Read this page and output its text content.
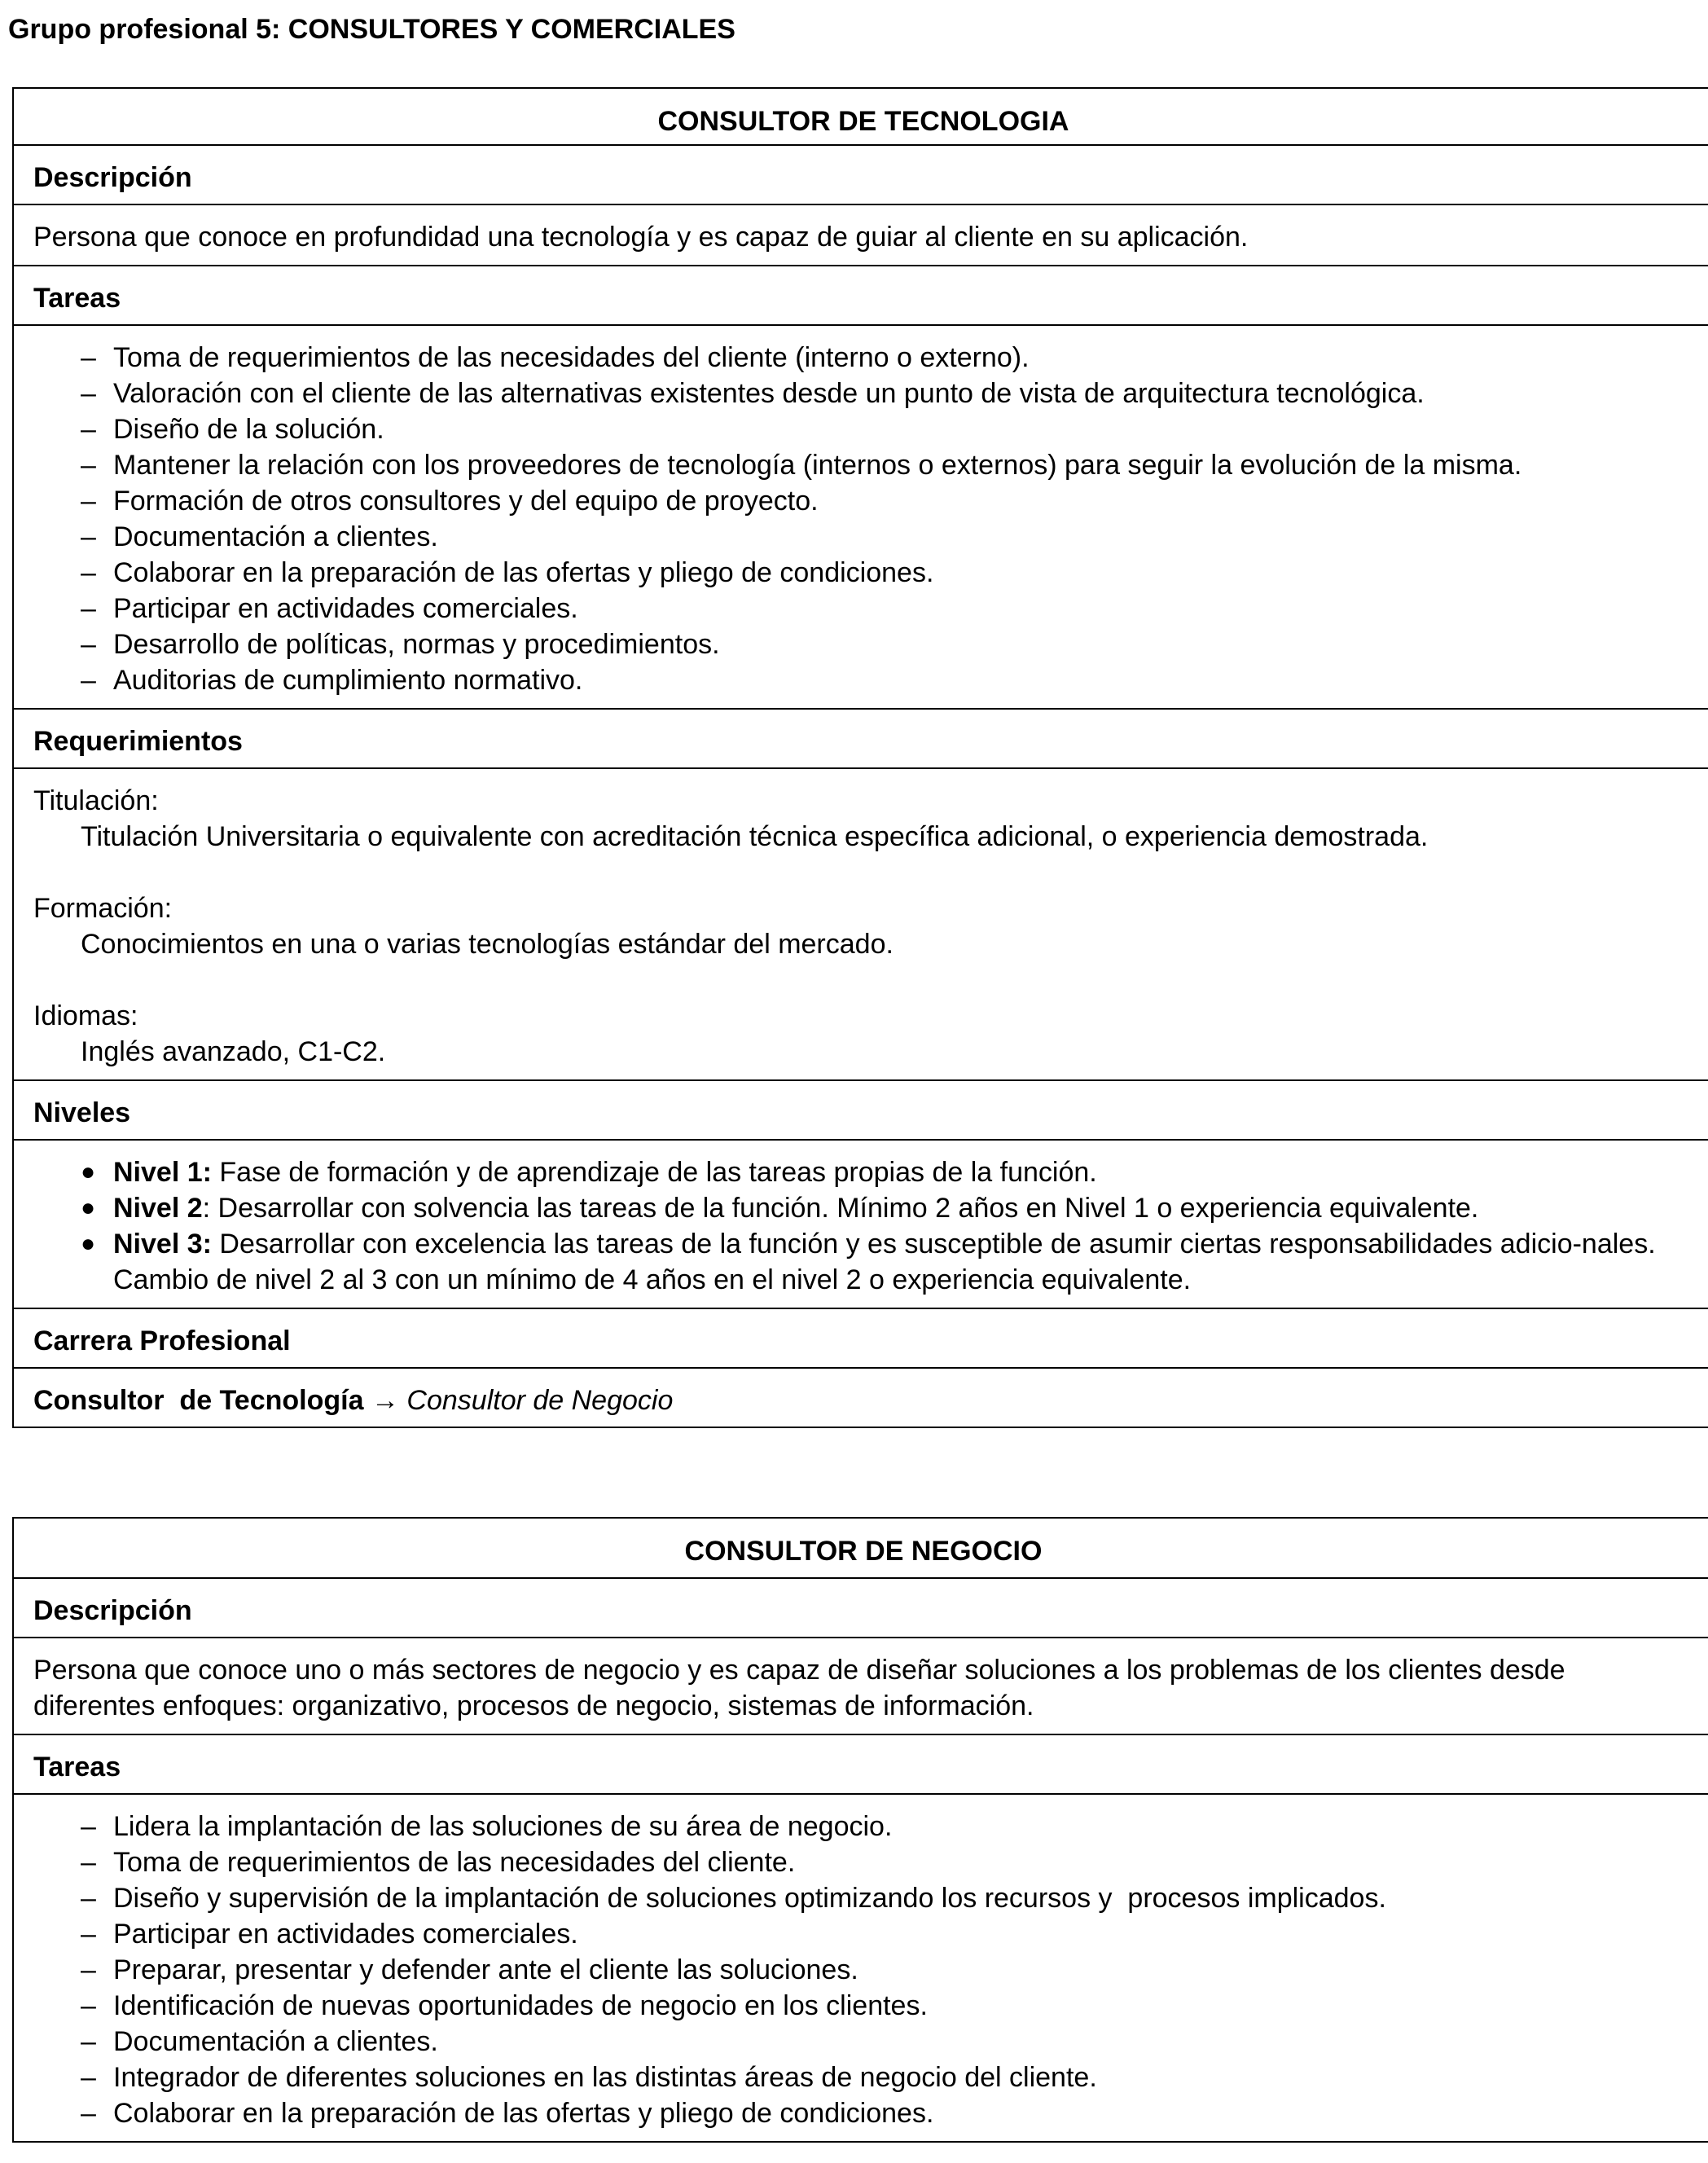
Grupo profesional 5: CONSULTORES Y COMERCIALES
CONSULTOR DE TECNOLOGIA
Descripción
Persona que conoce en profundidad una tecnología y es capaz de guiar al cliente en su aplicación.
Tareas

– Toma de requerimientos de las necesidades del cliente (interno o externo).
– Valoración con el cliente de las alternativas existentes desde un punto de vista de arquitectura tecnológica.
– Diseño de la solución.
– Mantener la relación con los proveedores de tecnología (internos o externos) para seguir la evolución de la misma.
– Formación de otros consultores y del equipo de proyecto.
– Documentación a clientes.
– Colaborar en la preparación de las ofertas y pliego de condiciones.
– Participar en actividades comerciales.
– Desarrollo de políticas, normas y procedimientos.
– Auditorias de cumplimiento normativo.

Requerimientos

Titulación:
Titulación Universitaria o equivalente con acreditación técnica específica adicional, o experiencia demostrada.
Formación:
Conocimientos en una o varias tecnologías estándar del mercado.
Idiomas:
Inglés avanzado, C1-C2.

Niveles

● Nivel 1: Fase de formación y de aprendizaje de las tareas propias de la función.
● Nivel 2: Desarrollar con solvencia las tareas de la función. Mínimo 2 años en Nivel 1 o experiencia equivalente.
● Nivel 3: Desarrollar con excelencia las tareas de la función y es susceptible de asumir ciertas responsabilidades adicio-nales. Cambio de nivel 2 al 3 con un mínimo de 4 años en el nivel 2 o experiencia equivalente.

Carrera Profesional
Consultor  de Tecnología → Consultor de Negocio
CONSULTOR DE NEGOCIO
Descripción
Persona que conoce uno o más sectores de negocio y es capaz de diseñar soluciones a los problemas de los clientes desde diferentes enfoques: organizativo, procesos de negocio, sistemas de información.
Tareas

– Lidera la implantación de las soluciones de su área de negocio.
– Toma de requerimientos de las necesidades del cliente.
– Diseño y supervisión de la implantación de soluciones optimizando los recursos y  procesos implicados.
– Participar en actividades comerciales.
– Preparar, presentar y defender ante el cliente las soluciones.
– Identificación de nuevas oportunidades de negocio en los clientes.
– Documentación a clientes.
– Integrador de diferentes soluciones en las distintas áreas de negocio del cliente.
– Colaborar en la preparación de las ofertas y pliego de condiciones.
